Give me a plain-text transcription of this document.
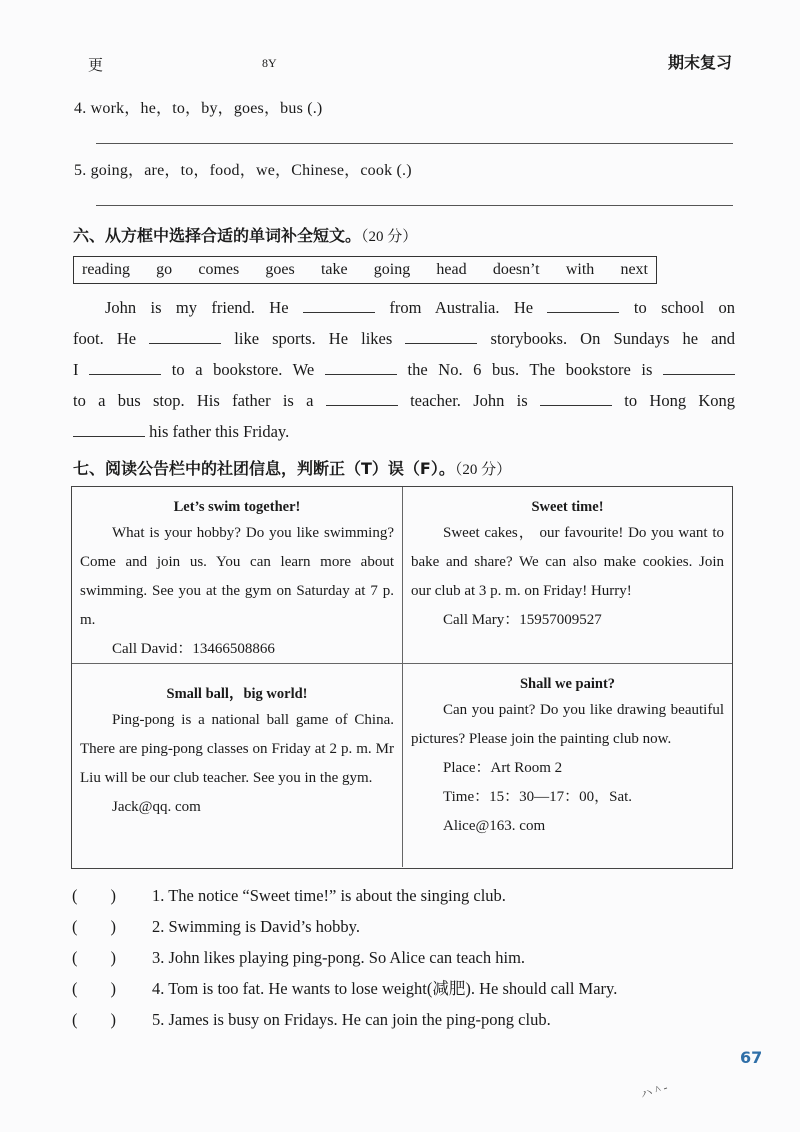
更	8Y	期末复习
4. work，he，to，by，goes，bus (.)
5. going，are，to，food，we，Chinese，cook (.)
六、从方框中选择合适的单词补全短文。（20 分）
reading go comes goes take going head doesn’t with next

John is my friend. He	from Australia. He	to school on

foot. He	like sports. He likes	storybooks. On Sundays he and

I	to a bookstore. We	the No. 6 bus. The bookstore is

to a bus stop. His father is a	teacher. John is	to Hong Kong

his father this Friday.

七、阅读公告栏中的社团信息，判断正（T）误（F）。（20 分）
Let’s swim together!

What is your hobby? Do you like swimming? Come and join us. You can learn more about swimming. See you at the gym on Saturday at 7 p. m.

Call David：13466508866

Sweet time!

Sweet cakes， our favourite! Do you want to bake and share? We can also make cookies. Join our club at 3 p. m. on Friday! Hurry!

Call Mary：15957009527

Small ball，big world!

Ping-pong is a national ball game of China. There are ping-pong classes on Friday at 2 p. m. Mr Liu will be our club teacher. See you in the gym.

Jack@qq. com

Shall we paint?

Can you paint? Do you like drawing beautiful pictures? Please join the painting club now.

Place：Art Room 2

Time：15：30—17：00，Sat.

Alice@163. com

(　　) 1. The notice “Sweet time!” is about the singing club.
(　　) 2. Swimming is David’s hobby.
(　　) 3. John likes playing ping-pong. So Alice can teach him.
(　　) 4. Tom is too fat. He wants to lose weight(减肥). He should call Mary.
(　　) 5. James is busy on Fridays. He can join the ping-pong club.
67
ハ ^ -
